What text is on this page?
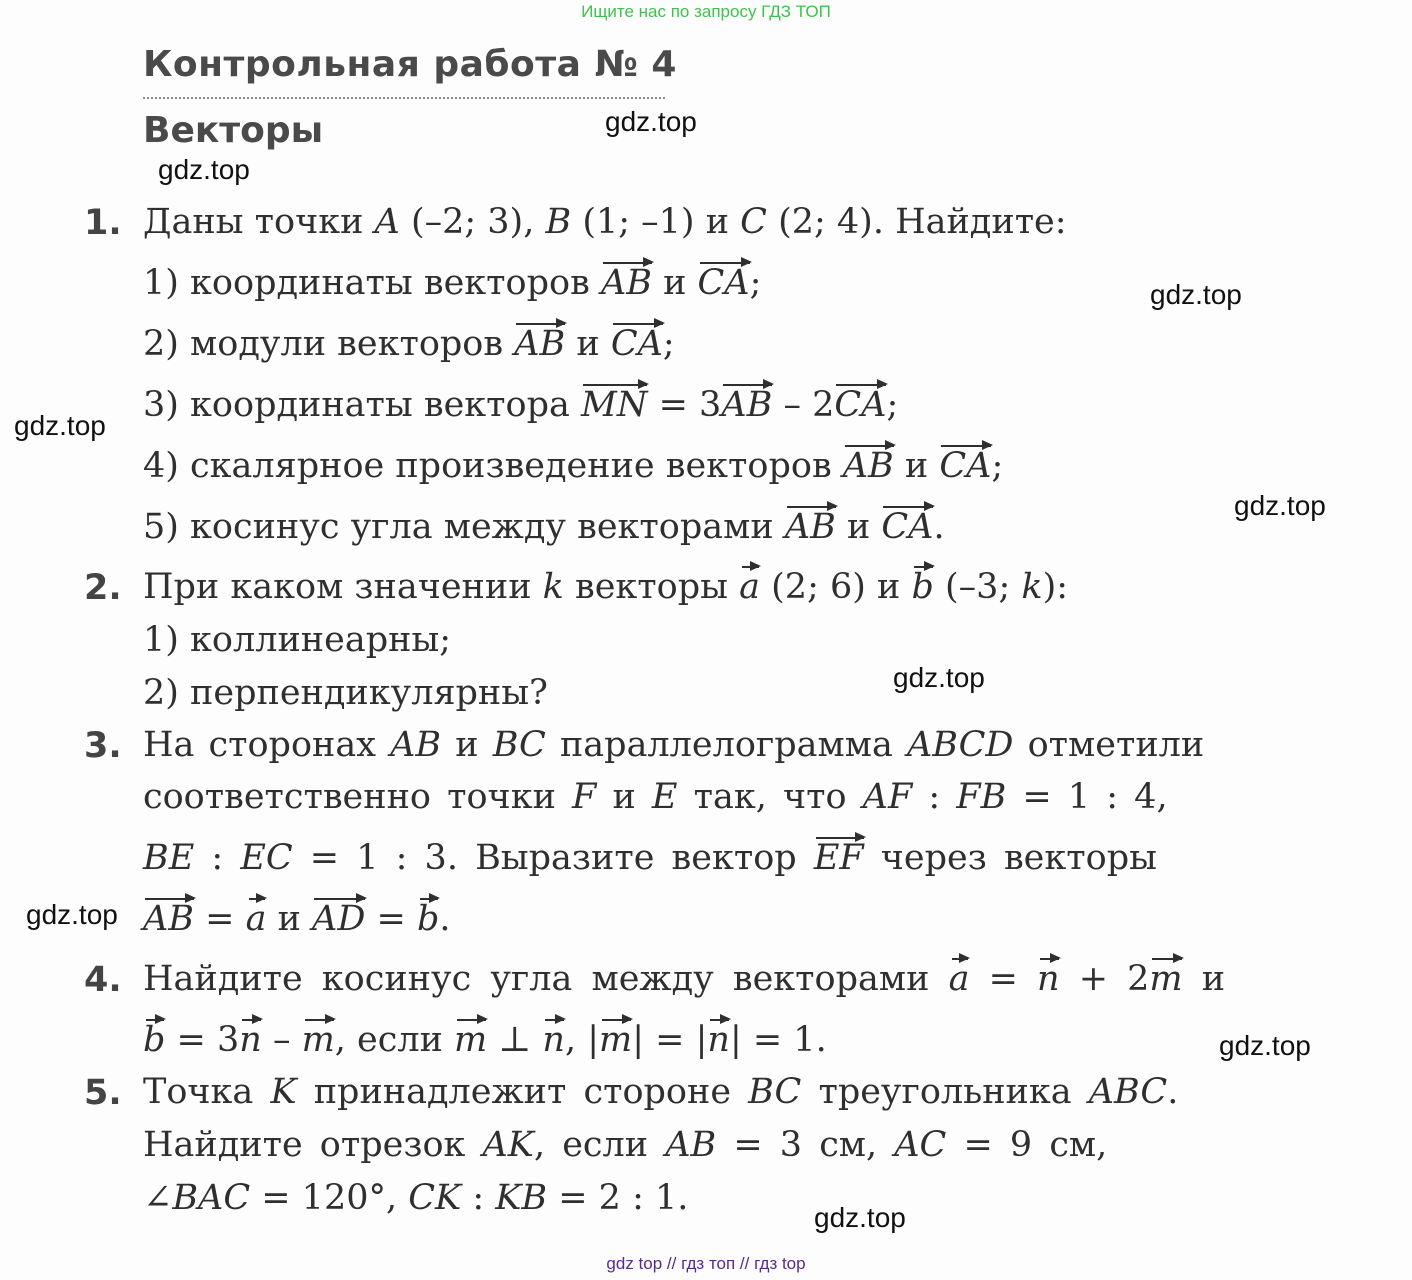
Ищите нас по запросу ГДЗ ТОП
Контрольная работа № 4
Векторы	gdz.top
gdz.top
gdz.top
gdz.top
gdz.top
gdz.top
gdz.top
gdz.top
gdz.top
1. Даны точки A (–2; 3), B (1; –1) и C (2; 4). Найдите:
1) координаты векторов AB и CA;
2) модули векторов AB и CA;
3) координаты вектора MN = 3AB – 2CA;
4) скалярное произведение векторов AB и CA;
5) косинус угла между векторами AB и CA.
2. При каком значении k векторы a (2; 6) и b (–3; k):
1) коллинеарны;
2) перпендикулярны?
3. На сторонах AB и BC параллелограмма ABCD отметили
соответственно точки F и E так, что AF : FB = 1 : 4,
BE : EC = 1 : 3. Выразите вектор EF через векторы
AB = a и AD = b.
4. Найдите косинус угла между векторами a = n + 2m и
b = 3n – m, если m ⊥ n, |m| = |n| = 1.
5. Точка K принадлежит стороне BC треугольника ABC.
Найдите отрезок AK, если AB = 3 см, AC = 9 см,
∠BAC = 120°, CK : KB = 2 : 1.
gdz top // гдз топ // гдз top
